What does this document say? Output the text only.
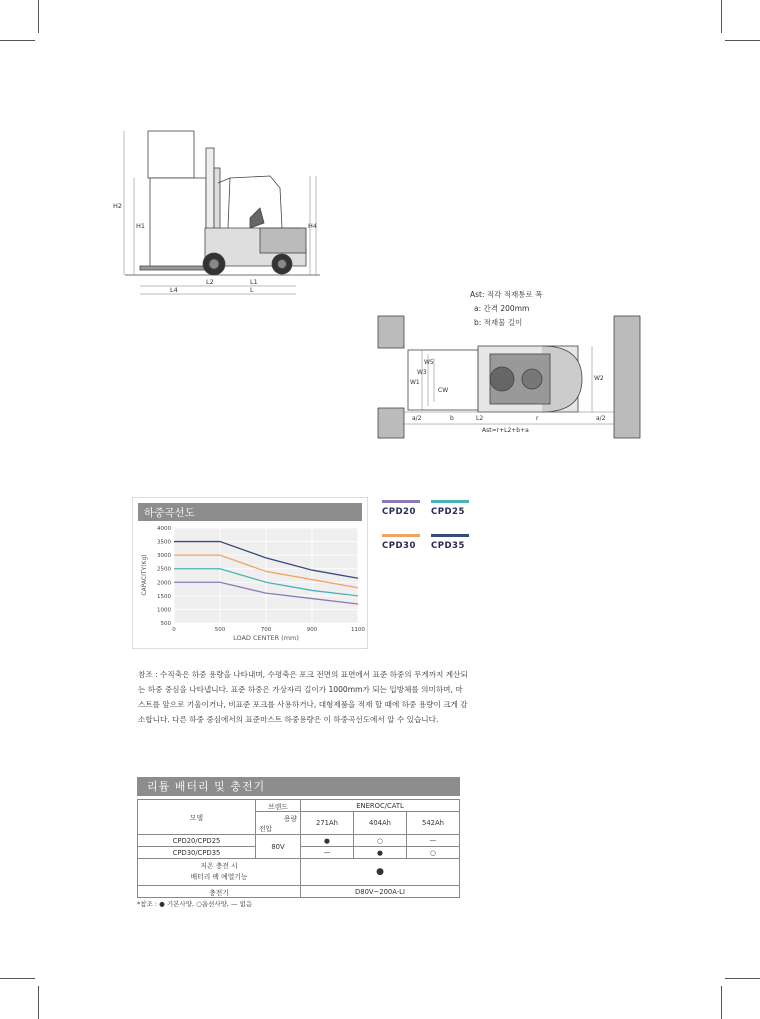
H2
H1	H4
L2	L1
L4	L	Ast: 직각 적재통로 폭
a: 간격 200mm
b: 적재물 길이
W1
W3
W5
CW
W2
a/2	b	L2	r	a/2
Ast=r+L2+b+a
하중곡선도
500
1000
1500
2000
2500
3000
3500
4000
0	500	700	900	1100
CAPACITY(Kg)
LOAD CENTER (mm)
CPD20	CPD25
CPD30	CPD35
참조 : 수직축은 하중 용량을 나타내며, 수평축은 포크 전면의 표면에서 표준 하중의 무게까지 계산되는 하중 중심을 나타냅니다. 표준 하중은 가상자리 길이가 1000mm가 되는 입방체를 의미하며, 마스트를 앞으로 기울이거나, 비표준 포크를 사용하거나, 대형제품을 적재 할 때에 하중 용량이 크게 감소합니다. 다른 하중 중심에서의 표준마스트 하중용량은 이 하중곡선도에서 알 수 있습니다.
리튬 배터리 및 충전기
모델	브랜드	ENEROC/CATL		

	용량
전압	271Ah	404Ah	542Ah
CPD20/CPD25	80V	●	○	—
CPD30/CPD35		—	●	○
저온 충전 시
배터리 팩 예열기능		●		
충전기		D80V~200A-LI		
*참조 : ● 기본사양, ○옵션사양, — 없음
